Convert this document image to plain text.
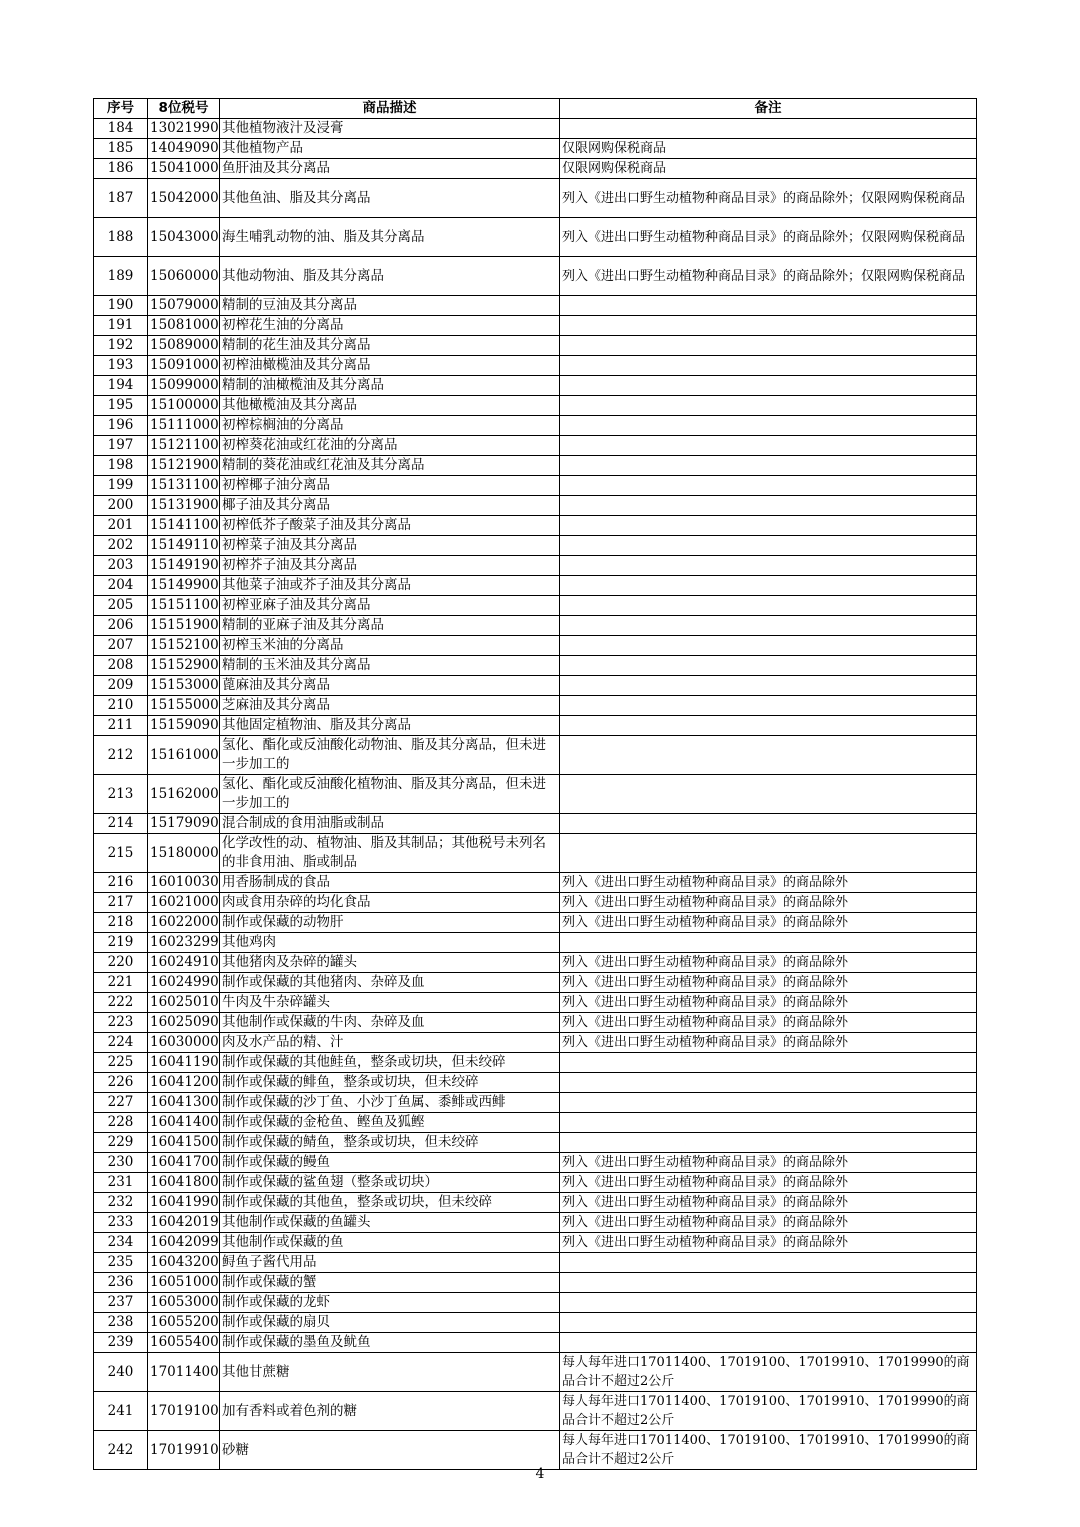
序号	8位税号	商品描述	备注
184	13021990	其他植物液汁及浸膏	
185	14049090	其他植物产品	仅限网购保税商品
186	15041000	鱼肝油及其分离品	仅限网购保税商品
187	15042000	其他鱼油、脂及其分离品	列入《进出口野生动植物种商品目录》的商品除外；仅限网购保税商品
188	15043000	海生哺乳动物的油、脂及其分离品	列入《进出口野生动植物种商品目录》的商品除外；仅限网购保税商品
189	15060000	其他动物油、脂及其分离品	列入《进出口野生动植物种商品目录》的商品除外；仅限网购保税商品
190	15079000	精制的豆油及其分离品	
191	15081000	初榨花生油的分离品	
192	15089000	精制的花生油及其分离品	
193	15091000	初榨油橄榄油及其分离品	
194	15099000	精制的油橄榄油及其分离品	
195	15100000	其他橄榄油及其分离品	
196	15111000	初榨棕榈油的分离品	
197	15121100	初榨葵花油或红花油的分离品	
198	15121900	精制的葵花油或红花油及其分离品	
199	15131100	初榨椰子油分离品	
200	15131900	椰子油及其分离品	
201	15141100	初榨低芥子酸菜子油及其分离品	
202	15149110	初榨菜子油及其分离品	
203	15149190	初榨芥子油及其分离品	
204	15149900	其他菜子油或芥子油及其分离品	
205	15151100	初榨亚麻子油及其分离品	
206	15151900	精制的亚麻子油及其分离品	
207	15152100	初榨玉米油的分离品	
208	15152900	精制的玉米油及其分离品	
209	15153000	蓖麻油及其分离品	
210	15155000	芝麻油及其分离品	
211	15159090	其他固定植物油、脂及其分离品	
212	15161000	氢化、酯化或反油酸化动物油、脂及其分离品，但未进一步加工的	
213	15162000	氢化、酯化或反油酸化植物油、脂及其分离品，但未进一步加工的	
214	15179090	混合制成的食用油脂或制品	
215	15180000	化学改性的动、植物油、脂及其制品；其他税号未列名的非食用油、脂或制品	
216	16010030	用香肠制成的食品	列入《进出口野生动植物种商品目录》的商品除外
217	16021000	肉或食用杂碎的均化食品	列入《进出口野生动植物种商品目录》的商品除外
218	16022000	制作或保藏的动物肝	列入《进出口野生动植物种商品目录》的商品除外
219	16023299	其他鸡肉	
220	16024910	其他猪肉及杂碎的罐头	列入《进出口野生动植物种商品目录》的商品除外
221	16024990	制作或保藏的其他猪肉、杂碎及血	列入《进出口野生动植物种商品目录》的商品除外
222	16025010	牛肉及牛杂碎罐头	列入《进出口野生动植物种商品目录》的商品除外
223	16025090	其他制作或保藏的牛肉、杂碎及血	列入《进出口野生动植物种商品目录》的商品除外
224	16030000	肉及水产品的精、汁	列入《进出口野生动植物种商品目录》的商品除外
225	16041190	制作或保藏的其他鲑鱼，整条或切块，但未绞碎	
226	16041200	制作或保藏的鲱鱼，整条或切块，但未绞碎	
227	16041300	制作或保藏的沙丁鱼、小沙丁鱼属、黍鲱或西鲱	
228	16041400	制作或保藏的金枪鱼、鲣鱼及狐鲣	
229	16041500	制作或保藏的鲭鱼，整条或切块，但未绞碎	
230	16041700	制作或保藏的鳗鱼	列入《进出口野生动植物种商品目录》的商品除外
231	16041800	制作或保藏的鲨鱼翅（整条或切块）	列入《进出口野生动植物种商品目录》的商品除外
232	16041990	制作或保藏的其他鱼，整条或切块，但未绞碎	列入《进出口野生动植物种商品目录》的商品除外
233	16042019	其他制作或保藏的鱼罐头	列入《进出口野生动植物种商品目录》的商品除外
234	16042099	其他制作或保藏的鱼	列入《进出口野生动植物种商品目录》的商品除外
235	16043200	鲟鱼子酱代用品	
236	16051000	制作或保藏的蟹	
237	16053000	制作或保藏的龙虾	
238	16055200	制作或保藏的扇贝	
239	16055400	制作或保藏的墨鱼及鱿鱼	
240	17011400	其他甘蔗糖	每人每年进口17011400、17019100、17019910、17019990的商品合计不超过2公斤
241	17019100	加有香料或着色剂的糖	每人每年进口17011400、17019100、17019910、17019990的商品合计不超过2公斤
242	17019910	砂糖	每人每年进口17011400、17019100、17019910、17019990的商品合计不超过2公斤
4
